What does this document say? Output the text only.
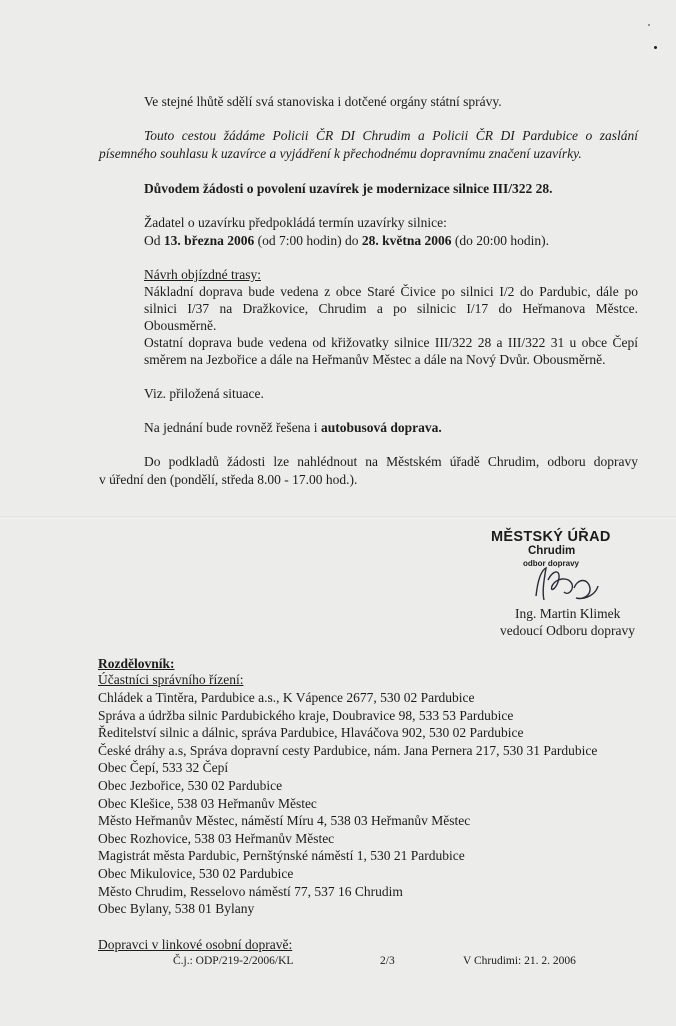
Ve stejné lhůtě sdělí svá stanoviska i dotčené orgány státní správy.

Touto cestou žádáme Policii ČR DI Chrudim a Policii ČR DI Pardubice o zaslání

písemného souhlasu k uzavírce a vyjádření k přechodnému dopravnímu značení uzavírky.

Důvodem žádosti o povolení uzavírek je modernizace silnice III/322 28.

Žadatel o uzavírku předpokládá termín uzavírky silnice:

Od 13. března 2006 (od 7:00 hodin) do 28. května 2006 (do 20:00 hodin).

Návrh objízdné trasy:

Nákladní doprava bude vedena z obce Staré Čivice po silnici I/2 do Pardubic, dále po

silnici I/37 na Dražkovice, Chrudim a po silnicic I/17 do Heřmanova Městce.

Obousměrně.

Ostatní doprava bude vedena od křižovatky silnice III/322 28 a III/322 31 u obce Čepí

směrem na Jezbořice a dále na Heřmanův Městec a dále na Nový Dvůr. Obousměrně.

Viz. přiložená situace.

Na jednání bude rovněž řešena i autobusová doprava.

Do podkladů žádosti lze nahlédnout na Městském úřadě Chrudim, odboru dopravy

v úřední den (pondělí, středa 8.00 - 17.00 hod.).

MĚSTSKÝ ÚŘAD
Chrudim
odbor dopravy
Ing. Martin Klimek
vedoucí Odboru dopravy

Rozdělovník:

Účastníci správního řízení:

Chládek a Tintěra, Pardubice a.s., K Vápence 2677, 530 02 Pardubice
Správa a údržba silnic Pardubického kraje, Doubravice 98, 533 53 Pardubice
Ředitelství silnic a dálnic, správa Pardubice, Hlaváčova 902, 530 02 Pardubice
České dráhy a.s, Správa dopravní cesty Pardubice, nám. Jana Pernera 217, 530 31 Pardubice
Obec Čepí, 533 32 Čepí
Obec Jezbořice, 530 02 Pardubice
Obec Klešice, 538 03 Heřmanův Městec
Město Heřmanův Městec, náměstí Míru 4, 538 03 Heřmanův Městec
Obec Rozhovice, 538 03 Heřmanův Městec
Magistrát města Pardubic, Pernštýnské náměstí 1, 530 21 Pardubice
Obec Mikulovice, 530 02 Pardubice
Město Chrudim, Resselovo náměstí 77, 537 16 Chrudim
Obec Bylany, 538 01 Bylany

Dopravci v linkové osobní dopravě:

Č.j.: ODP/219-2/2006/KL	2/3	V Chrudimi: 21. 2. 2006
